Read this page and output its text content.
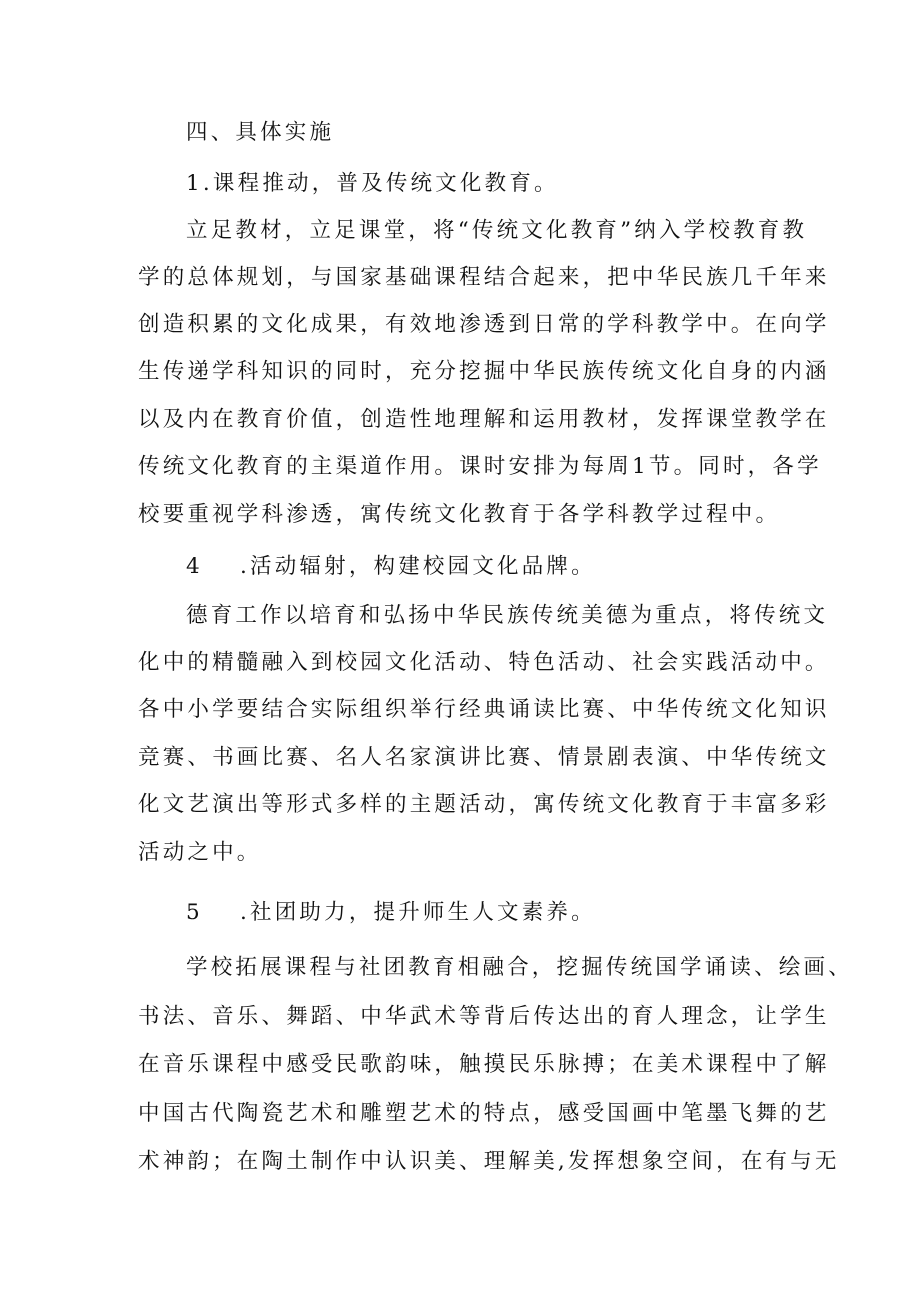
四、具体实施
1.课程推动，普及传统文化教育。
立足教材，立足课堂，将“传统文化教育”纳入学校教育教
学的总体规划，与国家基础课程结合起来，把中华民族几千年来
创造积累的文化成果，有效地渗透到日常的学科教学中。在向学
生传递学科知识的同时，充分挖掘中华民族传统文化自身的内涵
以及内在教育价值，创造性地理解和运用教材，发挥课堂教学在
传统文化教育的主渠道作用。课时安排为每周1节。同时，各学
校要重视学科渗透，寓传统文化教育于各学科教学过程中。
4 .活动辐射，构建校园文化品牌。
德育工作以培育和弘扬中华民族传统美德为重点，将传统文
化中的精髓融入到校园文化活动、特色活动、社会实践活动中。
各中小学要结合实际组织举行经典诵读比赛、中华传统文化知识
竞赛、书画比赛、名人名家演讲比赛、情景剧表演、中华传统文
化文艺演出等形式多样的主题活动，寓传统文化教育于丰富多彩
活动之中。
5 .社团助力，提升师生人文素养。
学校拓展课程与社团教育相融合，挖掘传统国学诵读、绘画、
书法、音乐、舞蹈、中华武术等背后传达出的育人理念，让学生
在音乐课程中感受民歌韵味，触摸民乐脉搏；在美术课程中了解
中国古代陶瓷艺术和雕塑艺术的特点，感受国画中笔墨飞舞的艺
术神韵；在陶土制作中认识美、理解美,发挥想象空间，在有与无
